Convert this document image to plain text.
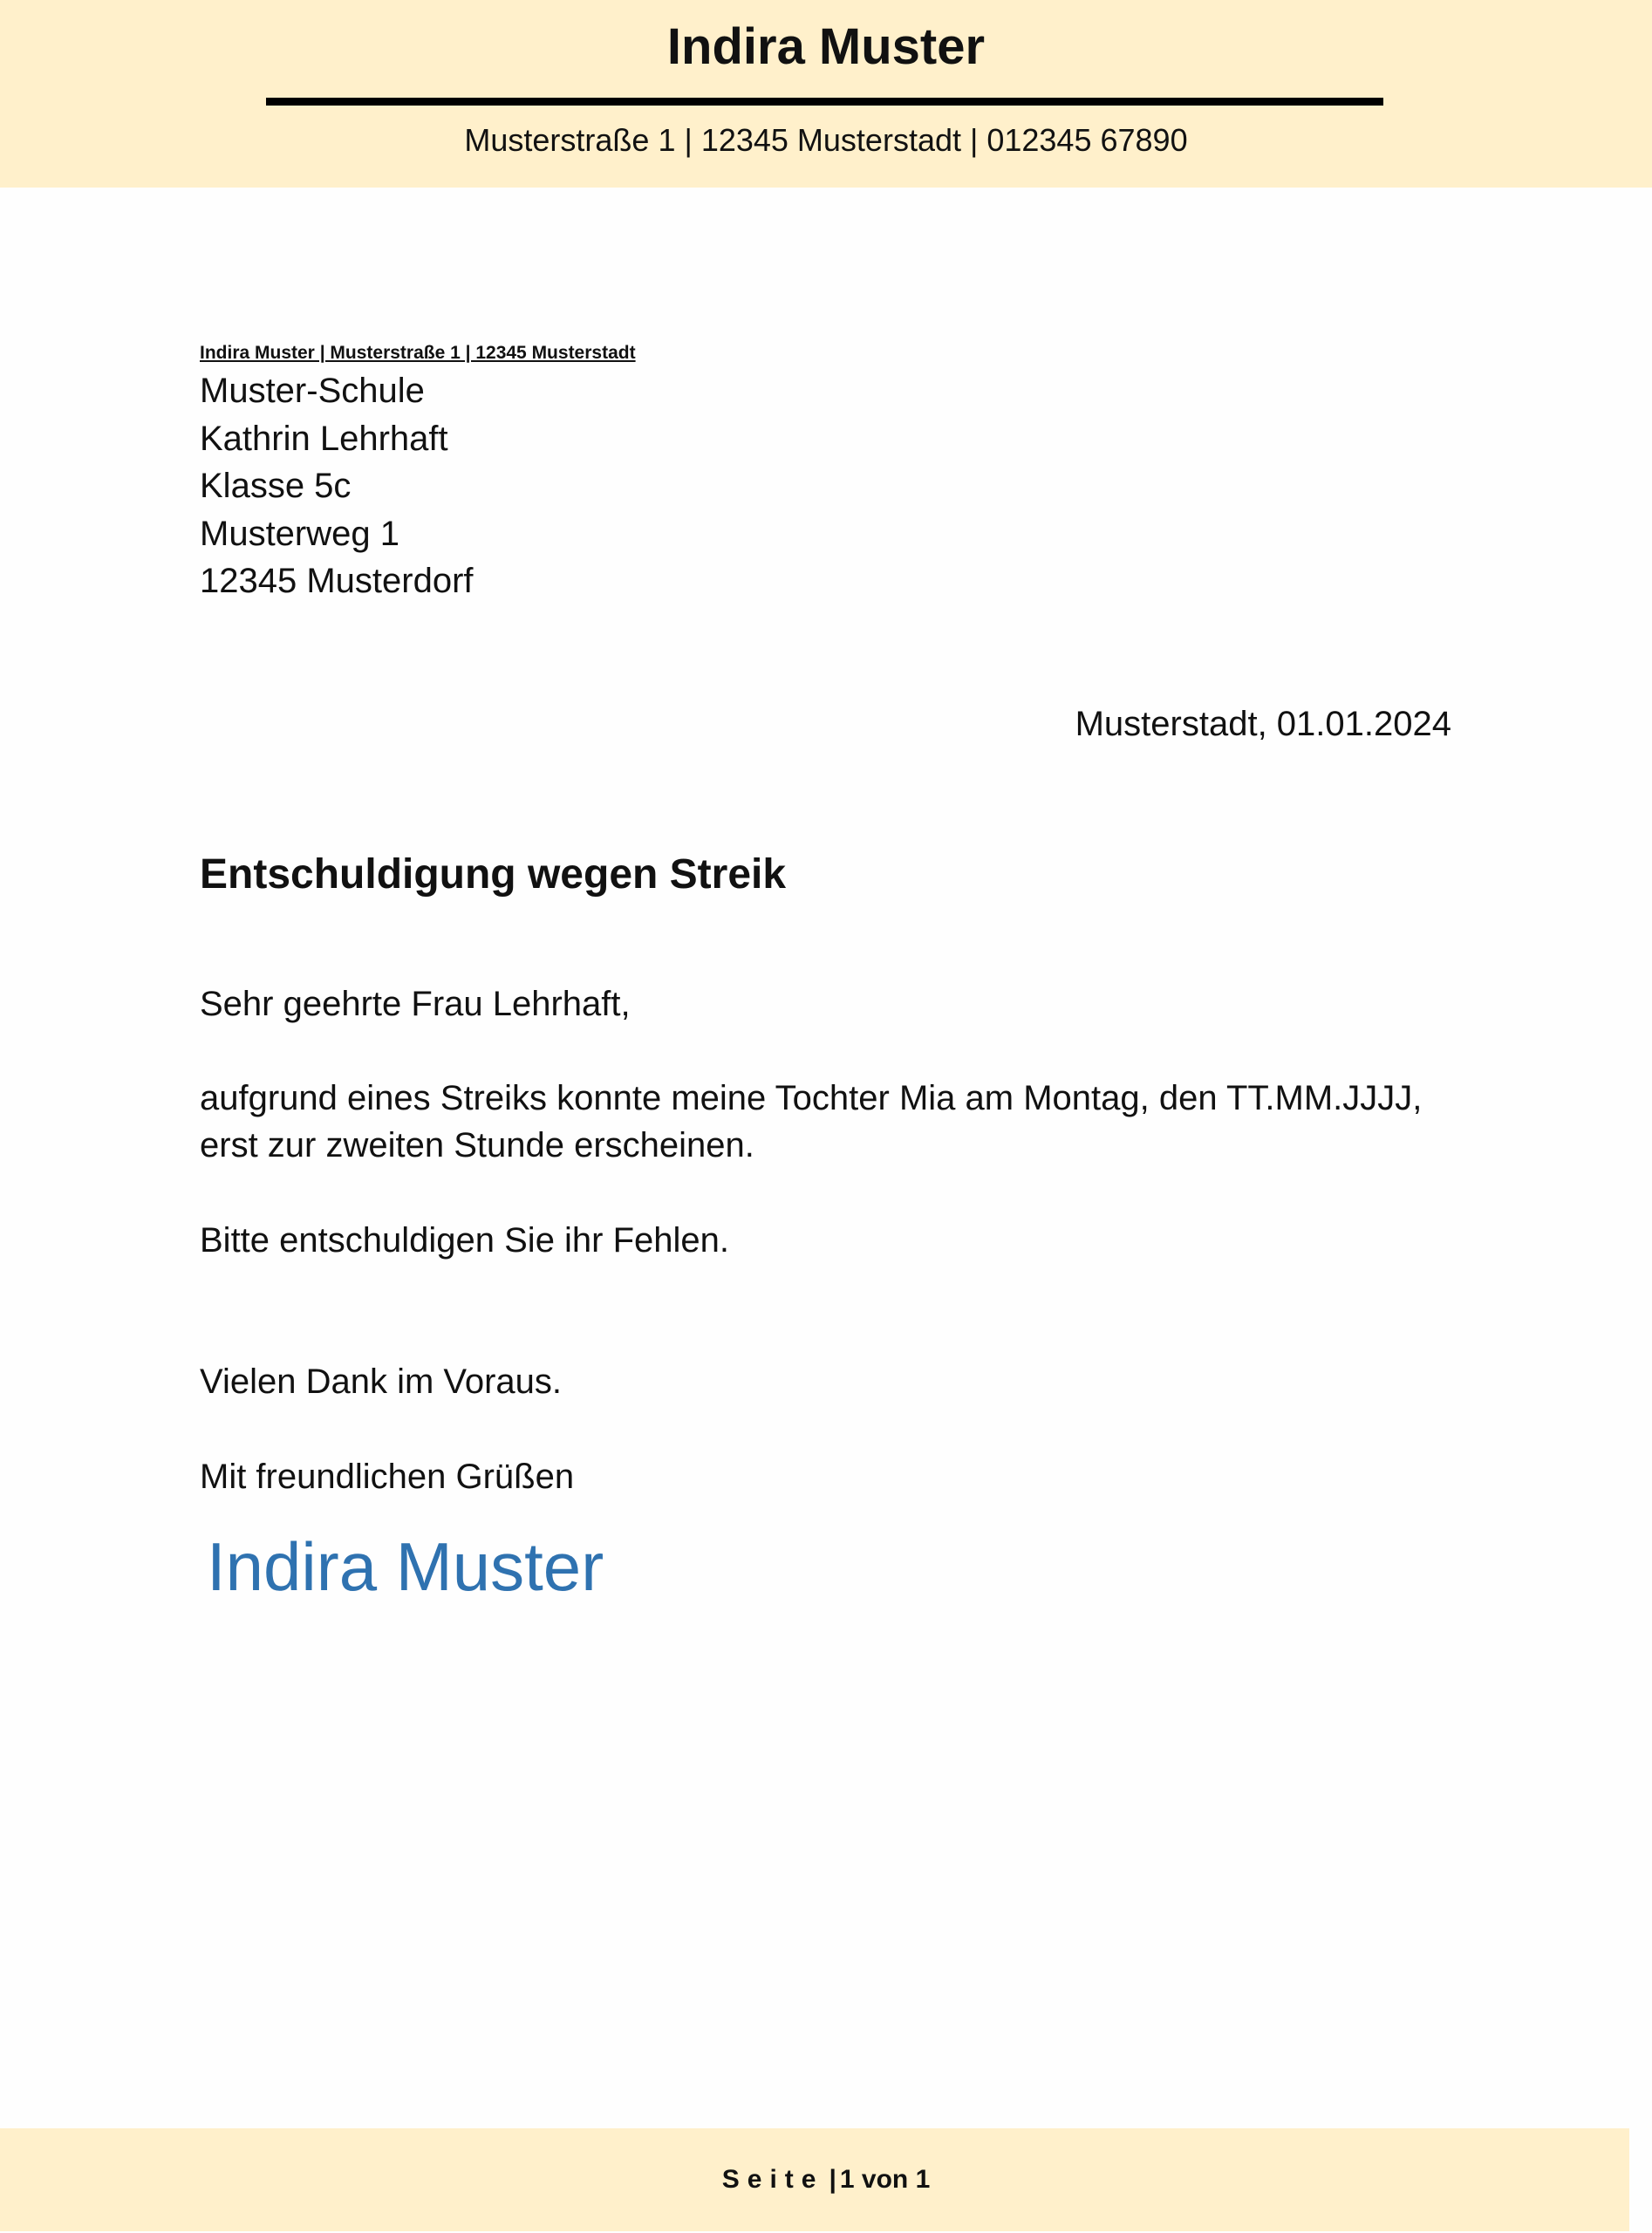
Indira Muster
Musterstraße 1 | 12345 Musterstadt | 012345 67890
Indira Muster | Musterstraße 1 | 12345 Musterstadt
Muster-Schule
Kathrin Lehrhaft
Klasse 5c
Musterweg 1
12345 Musterdorf
Musterstadt, 01.01.2024
Entschuldigung wegen Streik
Sehr geehrte Frau Lehrhaft,
aufgrund eines Streiks konnte meine Tochter Mia am Montag, den TT.MM.JJJJ,
erst zur zweiten Stunde erscheinen.
Bitte entschuldigen Sie ihr Fehlen.
Vielen Dank im Voraus.
Mit freundlichen Grüßen
Indira Muster
Seite | 1 von 1
